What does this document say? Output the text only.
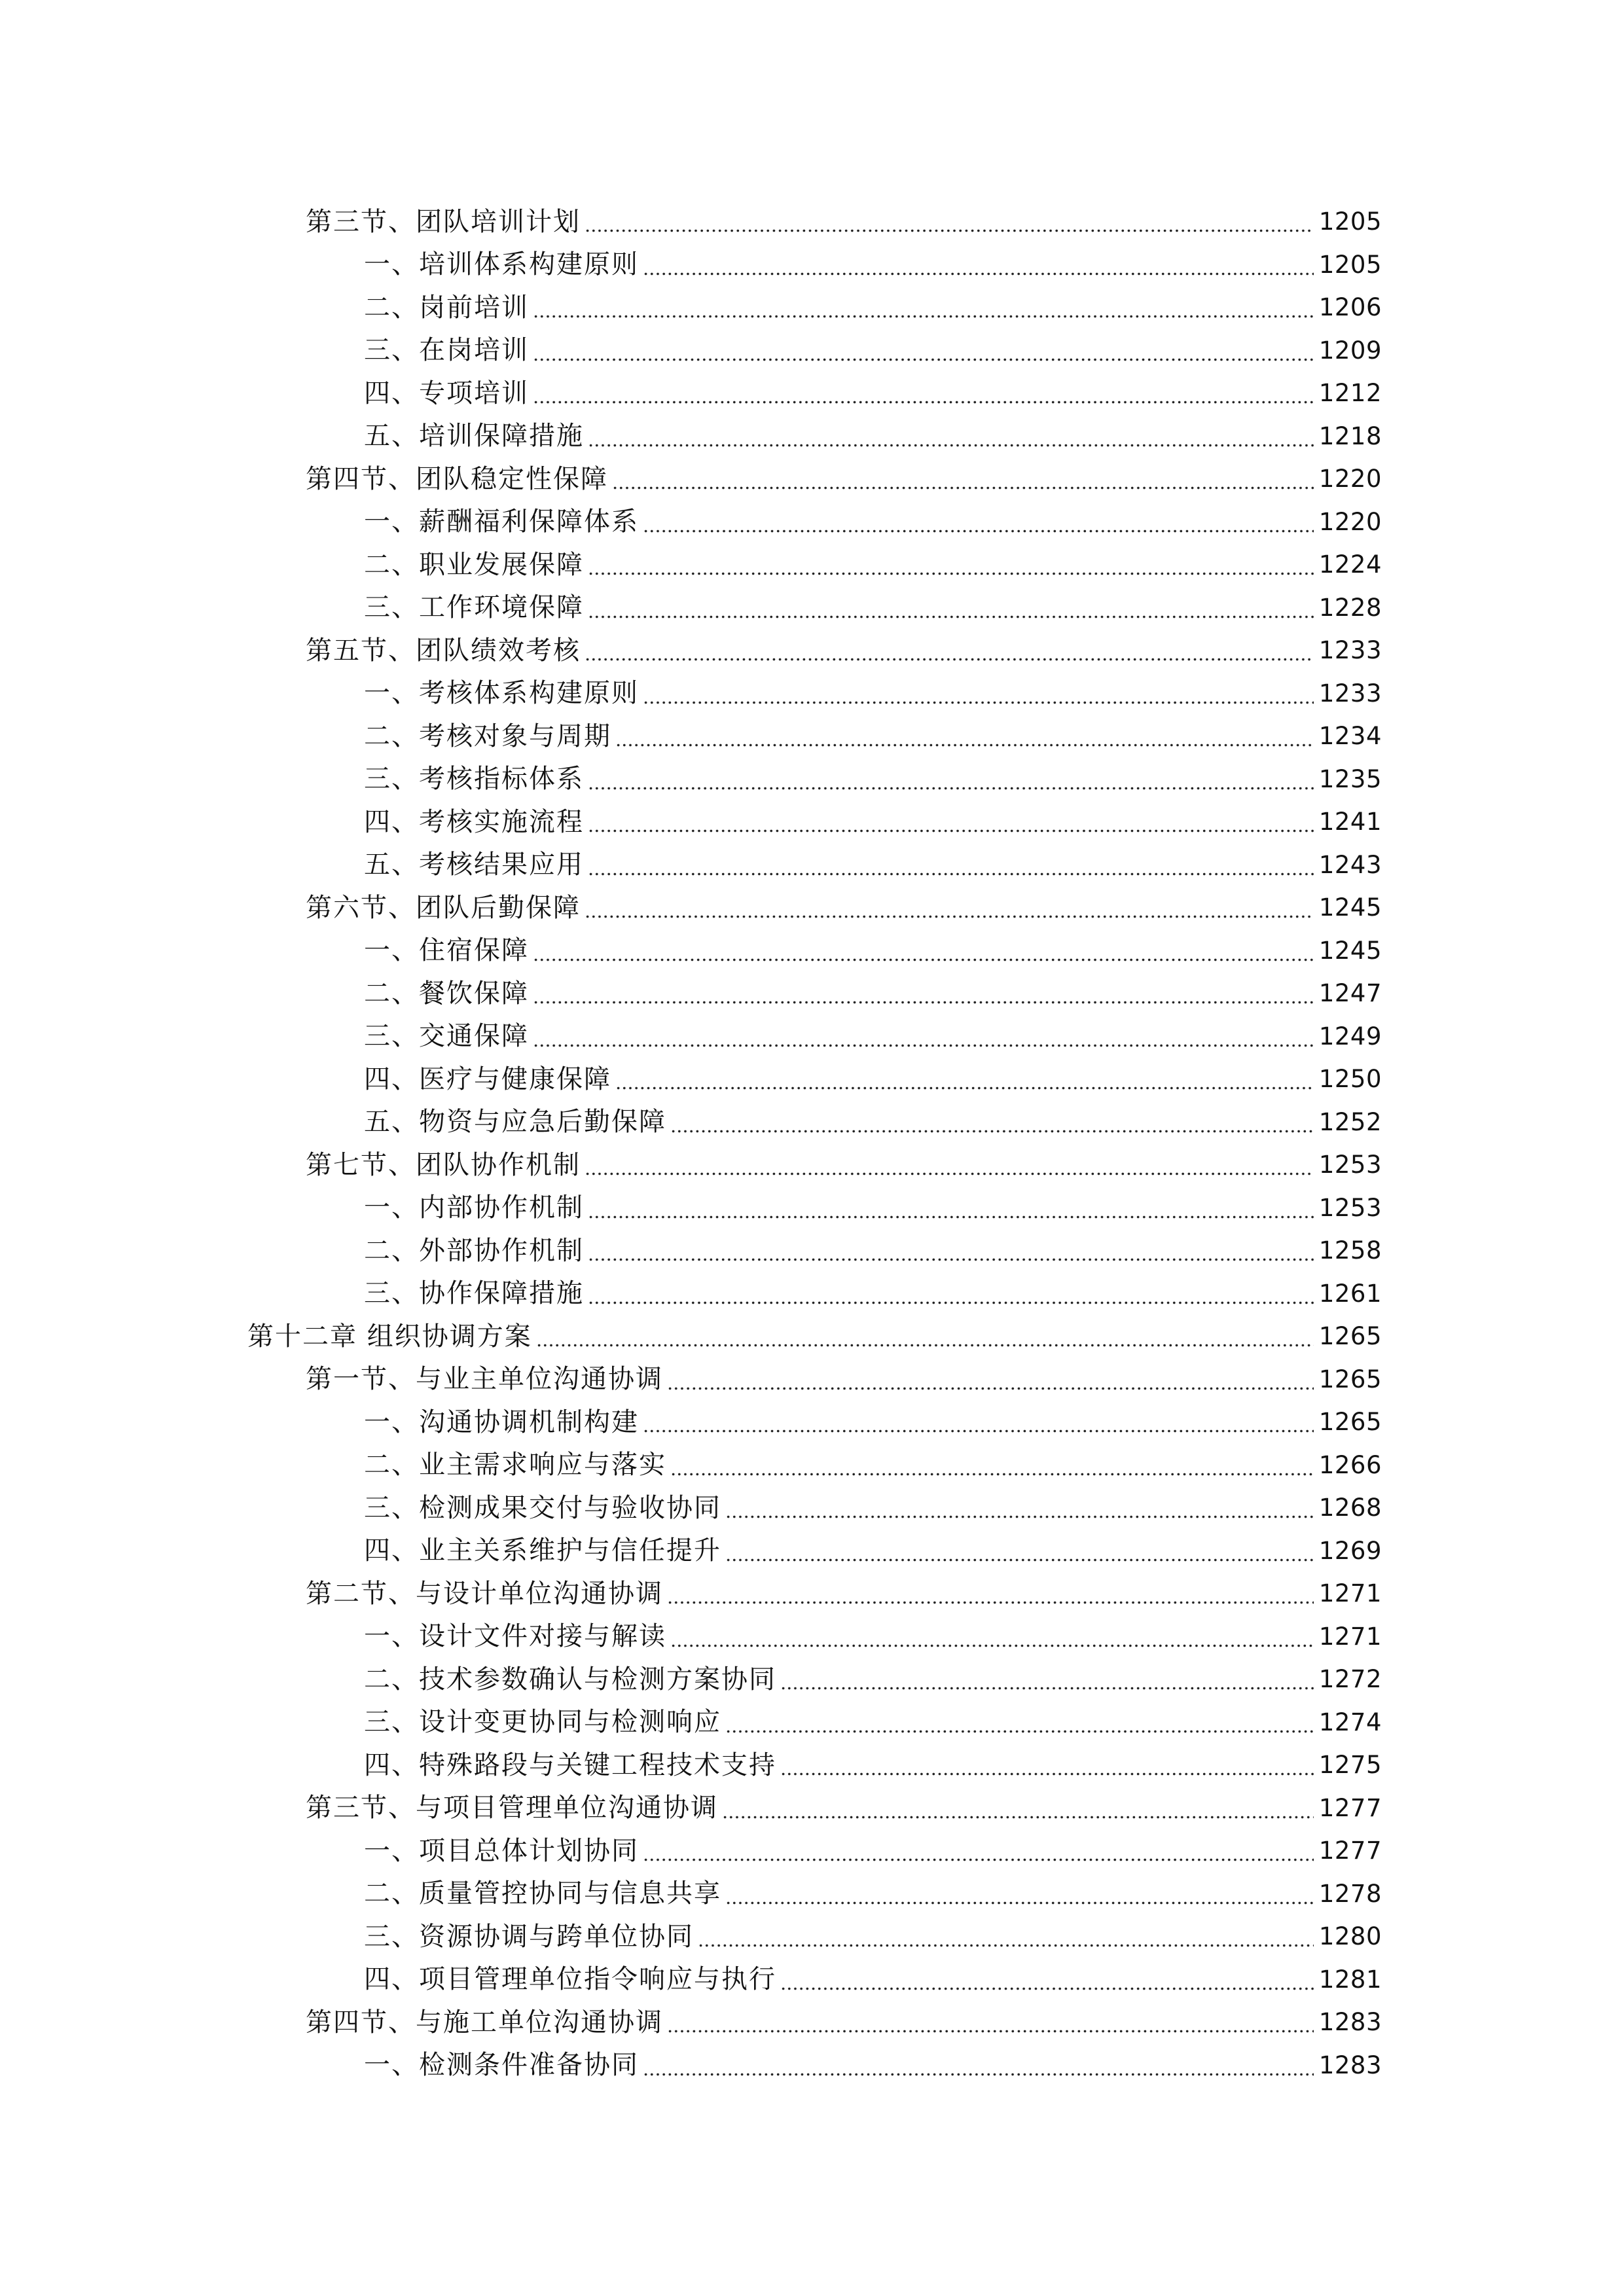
第三节、团队培训计划	1205
一、培训体系构建原则	1205
二、岗前培训	1206
三、在岗培训	1209
四、专项培训	1212
五、培训保障措施	1218
第四节、团队稳定性保障	1220
一、薪酬福利保障体系	1220
二、职业发展保障	1224
三、工作环境保障	1228
第五节、团队绩效考核	1233
一、考核体系构建原则	1233
二、考核对象与周期	1234
三、考核指标体系	1235
四、考核实施流程	1241
五、考核结果应用	1243
第六节、团队后勤保障	1245
一、住宿保障	1245
二、餐饮保障	1247
三、交通保障	1249
四、医疗与健康保障	1250
五、物资与应急后勤保障	1252
第七节、团队协作机制	1253
一、内部协作机制	1253
二、外部协作机制	1258
三、协作保障措施	1261
第十二章 组织协调方案	1265
第一节、与业主单位沟通协调	1265
一、沟通协调机制构建	1265
二、业主需求响应与落实	1266
三、检测成果交付与验收协同	1268
四、业主关系维护与信任提升	1269
第二节、与设计单位沟通协调	1271
一、设计文件对接与解读	1271
二、技术参数确认与检测方案协同	1272
三、设计变更协同与检测响应	1274
四、特殊路段与关键工程技术支持	1275
第三节、与项目管理单位沟通协调	1277
一、项目总体计划协同	1277
二、质量管控协同与信息共享	1278
三、资源协调与跨单位协同	1280
四、项目管理单位指令响应与执行	1281
第四节、与施工单位沟通协调	1283
一、检测条件准备协同	1283
